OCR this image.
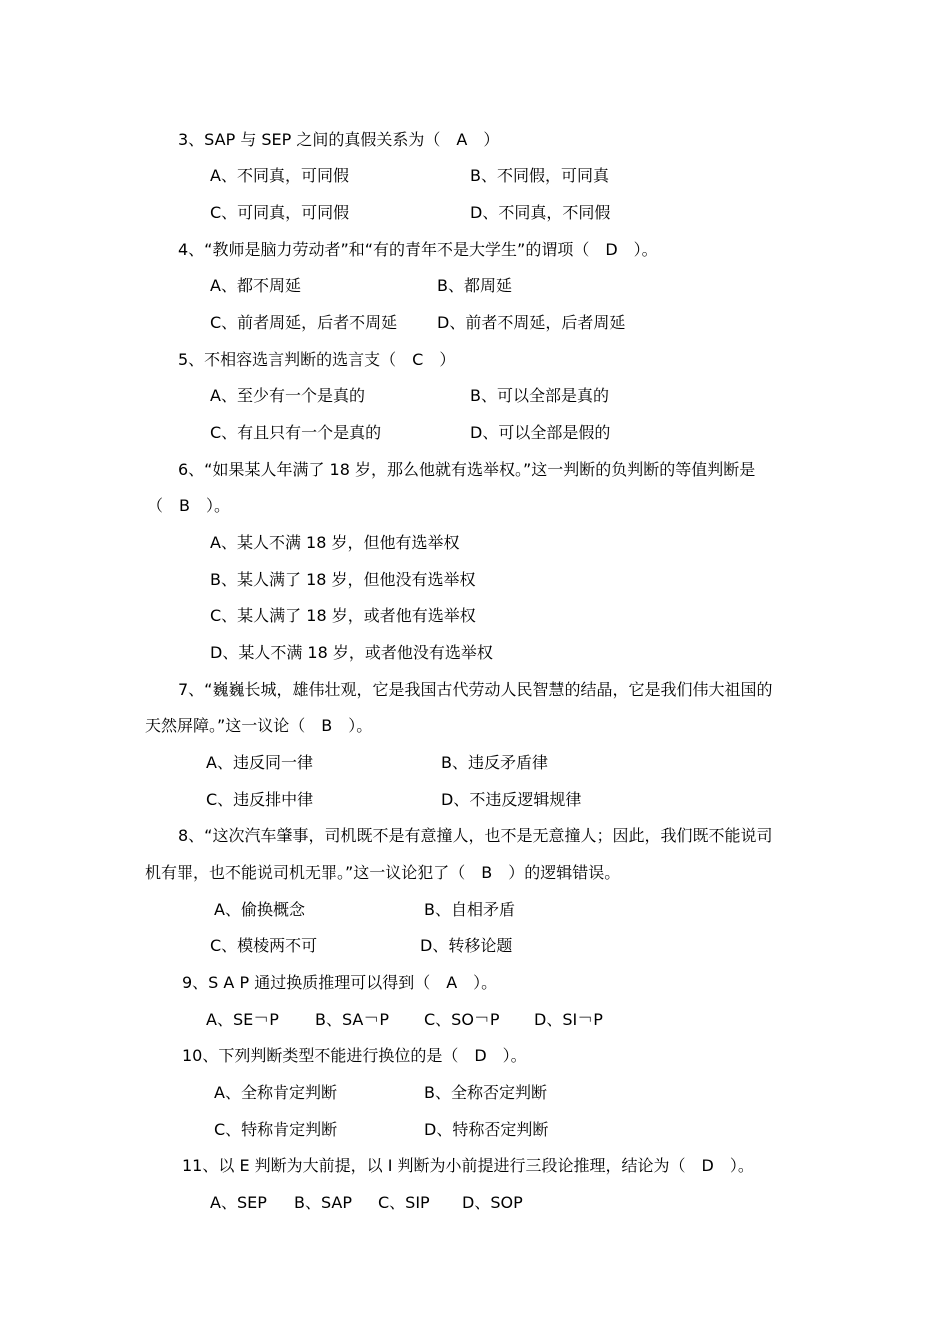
3、SAP 与 SEP 之间的真假关系为（　A　）
A、不同真，可同假	B、不同假，可同真
C、可同真，可同假	D、不同真，不同假
4、“教师是脑力劳动者”和“有的青年不是大学生”的谓项（　D　）。
A、都不周延	B、都周延
C、前者周延，后者不周延 D、前者不周延，后者周延
5、不相容选言判断的选言支（　C　）
A、至少有一个是真的	B、可以全部是真的
C、有且只有一个是真的	D、可以全部是假的
6、“如果某人年满了 18 岁，那么他就有选举权。”这一判断的负判断的等值判断是
（　B　）。
A、某人不满 18 岁，但他有选举权
B、某人满了 18 岁，但他没有选举权
C、某人满了 18 岁，或者他有选举权
D、某人不满 18 岁，或者他没有选举权
7、“巍巍长城，雄伟壮观，它是我国古代劳动人民智慧的结晶，它是我们伟大祖国的
天然屏障。”这一议论（　B　）。
A、违反同一律	B、违反矛盾律
C、违反排中律	D、不违反逻辑规律
8、“这次汽车肇事，司机既不是有意撞人，也不是无意撞人；因此，我们既不能说司
机有罪，也不能说司机无罪。”这一议论犯了（　B　）的逻辑错误。
A、偷换概念	B、自相矛盾
C、模棱两不可	D、转移论题
9、S A P 通过换质推理可以得到（　A　）。
A、SE￢P B、SA￢P C、SO￢P D、SI￢P
10、下列判断类型不能进行换位的是（　D　）。
A、全称肯定判断	B、全称否定判断
C、特称肯定判断	D、特称否定判断
11、以 E 判断为大前提，以 I 判断为小前提进行三段论推理，结论为（　D　）。
A、SEP B、SAP C、SIP D、SOP
